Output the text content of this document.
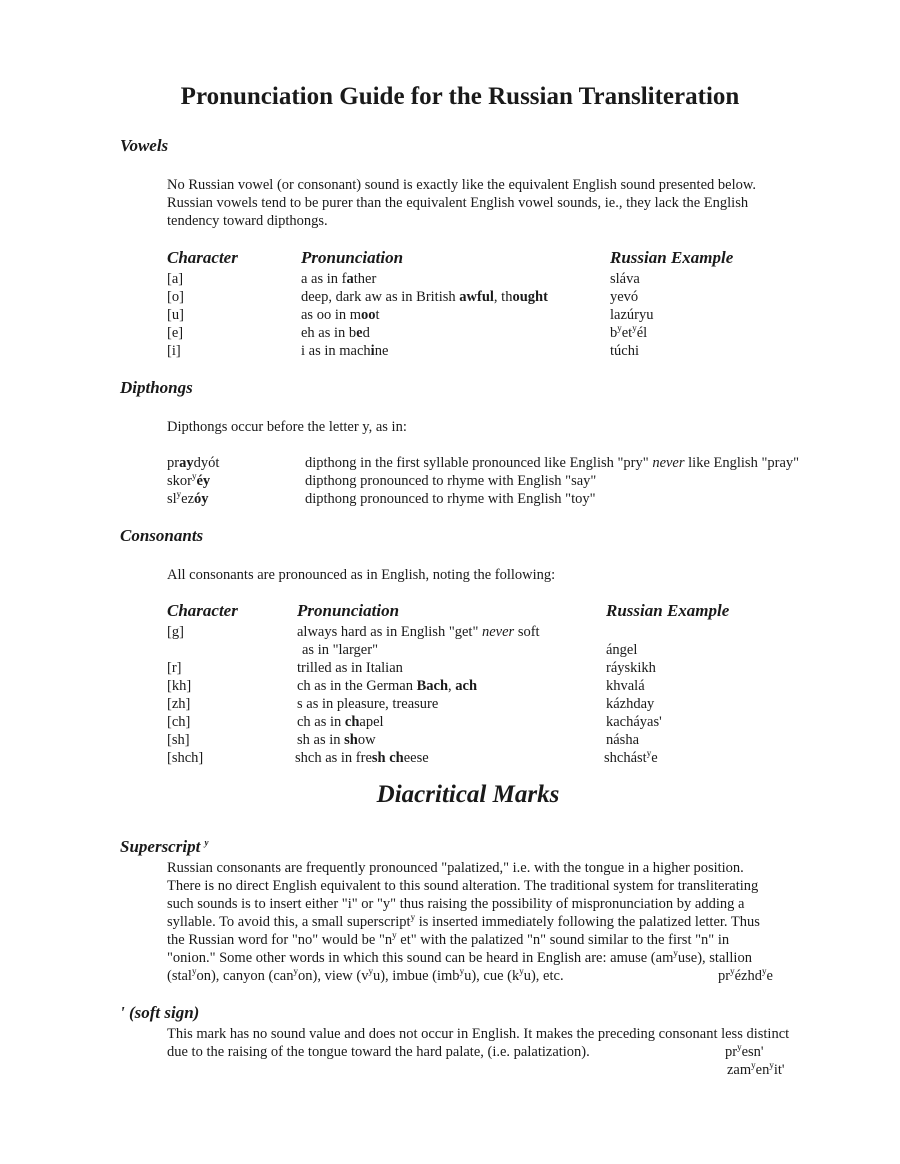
Pronunciation Guide for the Russian Transliteration
Vowels
No Russian vowel (or consonant) sound is exactly like the equivalent English sound presented below.
Russian vowels tend to be purer than the equivalent English vowel sounds, ie., they lack the English
tendency toward dipthongs.
Character	Pronunciation	Russian Example
[a]	a as in father	sláva
[o]	deep, dark aw as in British awful, thought	yevó
[u]	as oo in moot	lazúryu
[e]	eh as in bed	$b^yet^yél$
[i]	i as in machine	túchi
Dipthongs
Dipthongs occur before the letter y, as in:
praydyót	dipthong in the first syllable pronounced like English "pry" never like English "pray"
skor$^y$éy	dipthong pronounced to rhyme with English "say"
$sl^yezóy$	dipthong pronounced to rhyme with English "toy"
Consonants
All consonants are pronounced as in English, noting the following:
Character	Pronunciation	Russian Example
[g]	always hard as in English "get" never soft
as in "larger"	ángel
[r]	trilled as in Italian	ráyskikh
[kh]	ch as in the German Bach, ach	khvalá
[zh]	s as in pleasure, treasure	kázhday
[ch]	ch as in chapel	kacháyas'
[sh]	sh as in show	násha
[shch]	shch as in fresh cheese	shchást$^y$e
Diacritical Marks
Superscript $^y$
Russian consonants are frequently pronounced "palatized," i.e. with the tongue in a higher position.
There is no direct English equivalent to this sound alteration. The traditional system for transliterating
such sounds is to insert either "i" or "y" thus raising the possibility of mispronunciation by adding a
syllable. To avoid this, a small superscript$^y$ is inserted immediately following the palatized letter. Thus
the Russian word for "no" would be "$n^y$ et" with the palatized "n" sound similar to the first "n" in
"onion." Some other words in which this sound can be heard in English are: amuse $(am^yuse)$, stallion
(stal$^y$on), canyon (can$^y$on), view $(v^yu)$, imbue (imb$^y$u), cue $(k^yu)$, etc.	$pr^yézhd^ye$
' (soft sign)
This mark has no sound value and does not occur in English. It makes the preceding consonant less distinct
due to the raising of the tongue toward the hard palate, (i.e. palatization).	$pr^yesn'$
$zam^yen^yit'$
